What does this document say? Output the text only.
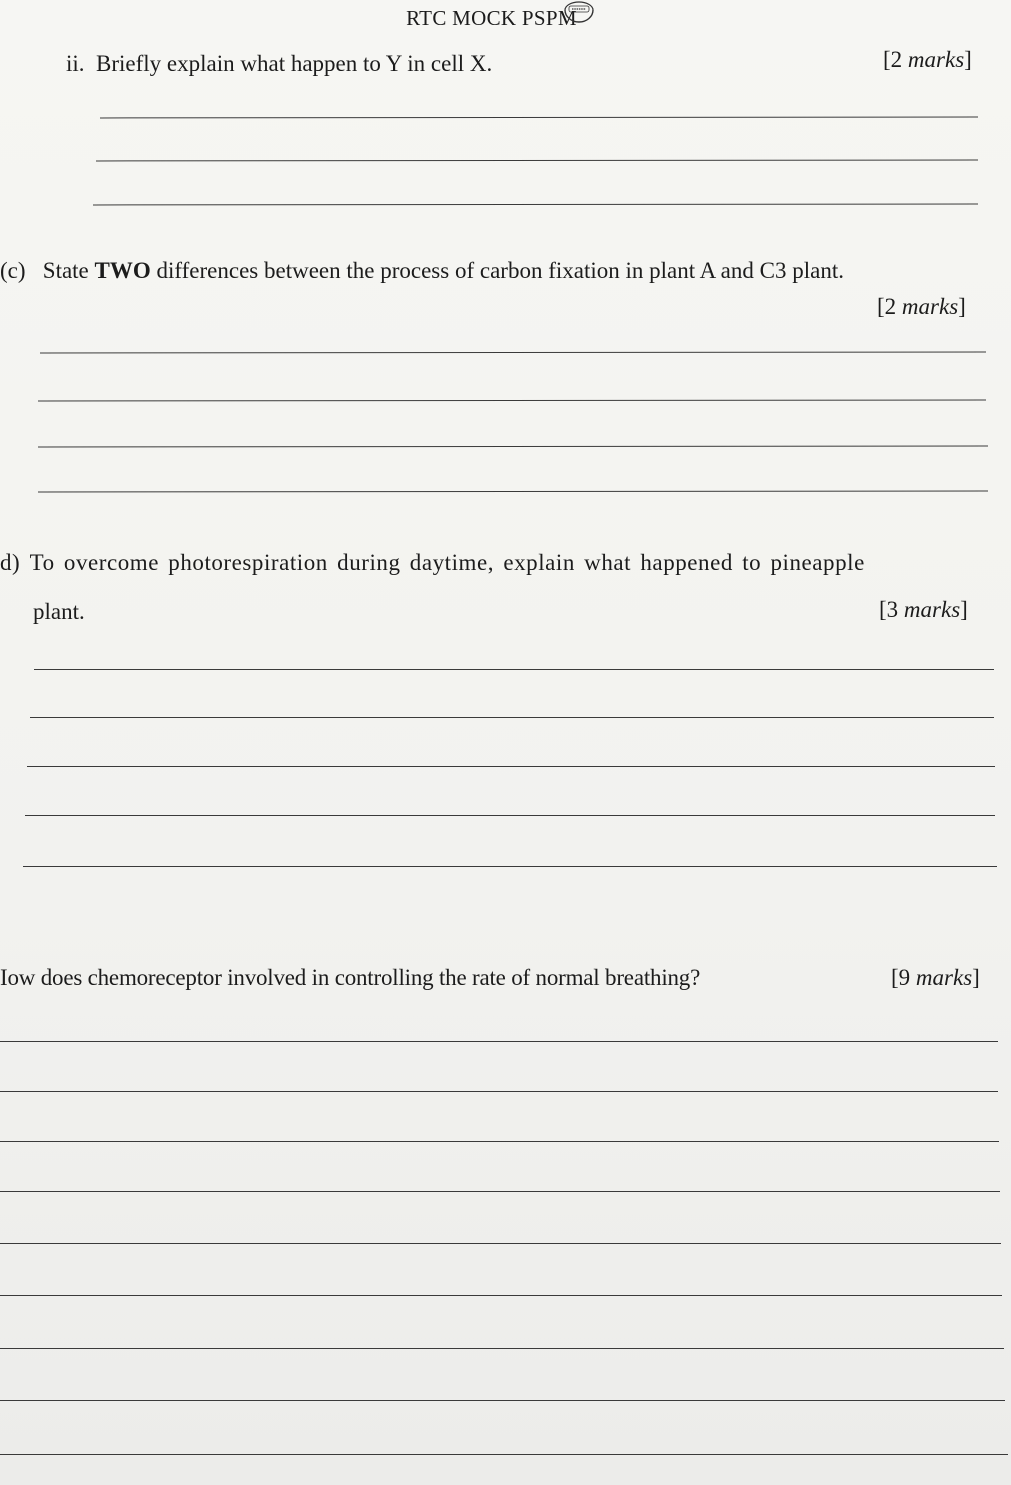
RTC MOCK PSPM
ii. Briefly explain what happen to Y in cell X.	[2 marks]
(c) State TWO differences between the process of carbon fixation in plant A and C3 plant.
[2 marks]
d) To overcome photorespiration during daytime, explain what happened to pineapple
plant.	[3 marks]
Iow does chemoreceptor involved in controlling the rate of normal breathing?	[9 marks]
